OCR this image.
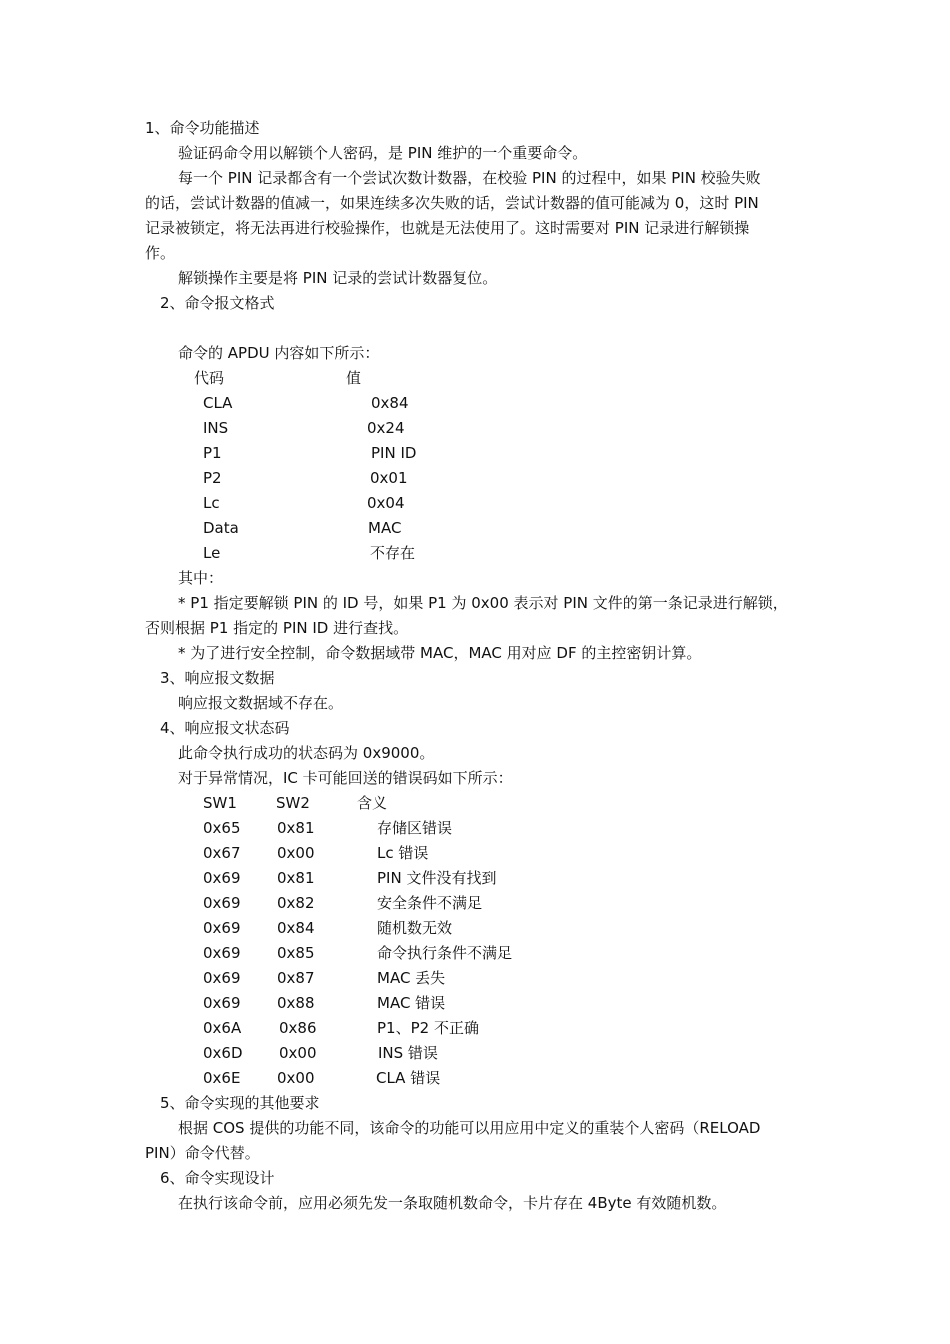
1、命令功能描述
验证码命令用以解锁个人密码，是 PIN 维护的一个重要命令。
每一个 PIN 记录都含有一个尝试次数计数器，在校验 PIN 的过程中，如果 PIN 校验失败
的话，尝试计数器的值减一，如果连续多次失败的话，尝试计数器的值可能减为 0，这时 PIN
记录被锁定，将无法再进行校验操作，也就是无法使用了。这时需要对 PIN 记录进行解锁操
作。
解锁操作主要是将 PIN 记录的尝试计数器复位。
2、命令报文格式
命令的 APDU 内容如下所示：
代码	值
CLA	0x84
INS	0x24
P1	PIN ID
P2	0x01
Lc	0x04
Data	MAC
Le	不存在
其中：
* P1 指定要解锁 PIN 的 ID 号，如果 P1 为 0x00 表示对 PIN 文件的第一条记录进行解锁，
否则根据 P1 指定的 PIN ID 进行查找。
* 为了进行安全控制，命令数据域带 MAC，MAC 用对应 DF 的主控密钥计算。
3、响应报文数据
响应报文数据域不存在。
4、响应报文状态码
此命令执行成功的状态码为 0x9000。
对于异常情况，IC 卡可能回送的错误码如下所示：
SW1	SW2	含义
0x65 0x81	存储区错误
0x67 0x00	Lc 错误
0x69 0x81	PIN 文件没有找到
0x69 0x82	安全条件不满足
0x69 0x84	随机数无效
0x69 0x85	命令执行条件不满足
0x69 0x87	MAC 丢失
0x69 0x88	MAC 错误
0x6A	0x86	P1、P2 不正确
0x6D 0x00	INS 错误
0x6E 0x00	CLA 错误
5、命令实现的其他要求
根据 COS 提供的功能不同，该命令的功能可以用应用中定义的重装个人密码（RELOAD
PIN）命令代替。
6、命令实现设计
在执行该命令前，应用必须先发一条取随机数命令，卡片存在 4Byte 有效随机数。
